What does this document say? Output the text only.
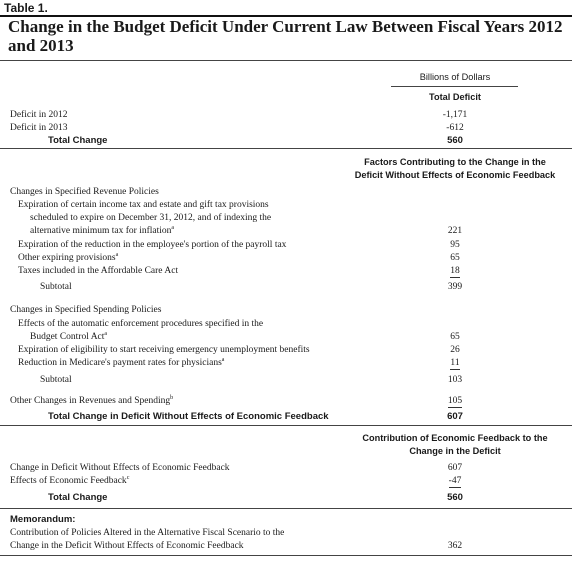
Table 1.
Change in the Budget Deficit Under Current Law Between Fiscal Years 2012 and 2013
Billions of Dollars
Total Deficit
Deficit in 2012	-1,171
Deficit in 2013	-612
Total Change	560
Factors Contributing to the Change in the
Deficit Without Effects of Economic Feedback
Changes in Specified Revenue Policies
Expiration of certain income tax and estate and gift tax provisions
scheduled to expire on December 31, 2012, and of indexing the
alternative minimum tax for inflation$^a$	221
Expiration of the reduction in the employee's portion of the payroll tax	95
Other expiring provisions$^a$	65
Taxes included in the Affordable Care Act	18
Subtotal	399
Changes in Specified Spending Policies
Effects of the automatic enforcement procedures specified in the
Budget Control Act$^a$	65
Expiration of eligibility to start receiving emergency unemployment benefits	26
Reduction in Medicare's payment rates for physicians$^a$	11
Subtotal	103
Other Changes in Revenues and Spending$^b$	105
Total Change in Deficit Without Effects of Economic Feedback	607
Contribution of Economic Feedback to the
Change in the Deficit
Change in Deficit Without Effects of Economic Feedback	607
Effects of Economic Feedback$^c$	-47
Total Change	560
Memorandum:
Contribution of Policies Altered in the Alternative Fiscal Scenario to the
Change in the Deficit Without Effects of Economic Feedback	362
